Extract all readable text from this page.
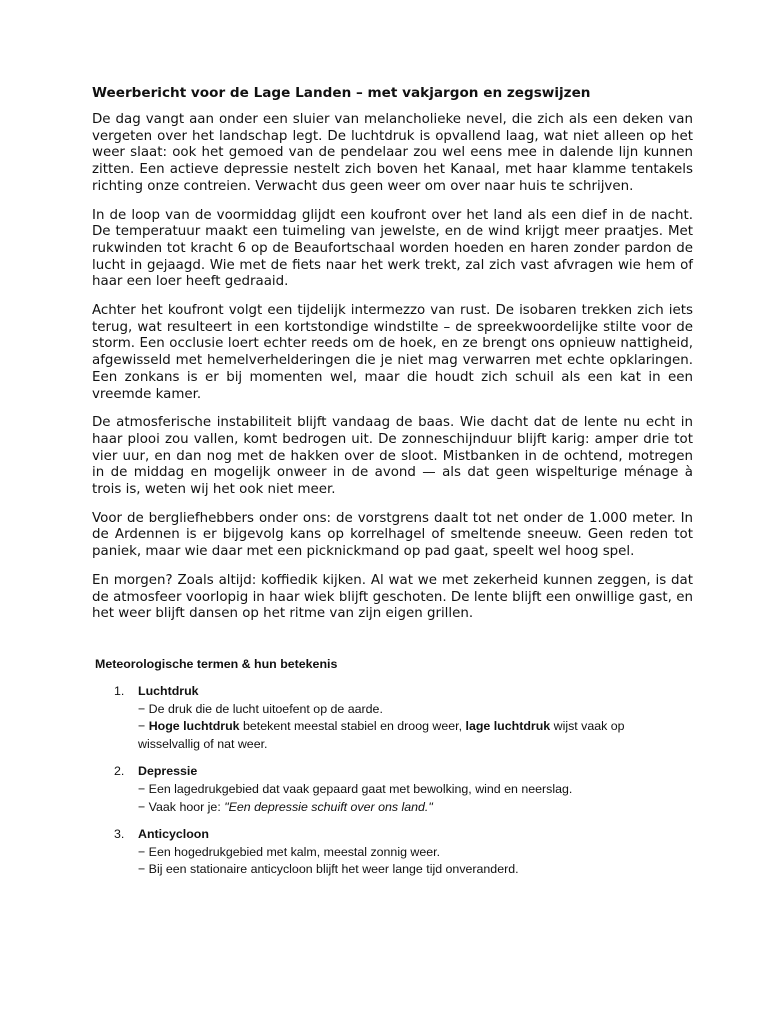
Weerbericht voor de Lage Landen – met vakjargon en zegswijzen

De dag vangt aan onder een sluier van melancholieke nevel, die zich als een deken van vergeten over het landschap legt. De luchtdruk is opvallend laag, wat niet alleen op het weer slaat: ook het gemoed van de pendelaar zou wel eens mee in dalende lijn kunnen zitten. Een actieve depressie nestelt zich boven het Kanaal, met haar klamme tentakels richting onze contreien. Verwacht dus geen weer om over naar huis te schrijven.

In de loop van de voormiddag glijdt een koufront over het land als een dief in de nacht. De temperatuur maakt een tuimeling van jewelste, en de wind krijgt meer praatjes. Met rukwinden tot kracht 6 op de Beaufortschaal worden hoeden en haren zonder pardon de lucht in gejaagd. Wie met de fiets naar het werk trekt, zal zich vast afvragen wie hem of haar een loer heeft gedraaid.

Achter het koufront volgt een tijdelijk intermezzo van rust. De isobaren trekken zich iets terug, wat resulteert in een kortstondige windstilte – de spreekwoordelijke stilte voor de storm. Een occlusie loert echter reeds om de hoek, en ze brengt ons opnieuw nattigheid, afgewisseld met hemelverhelderingen die je niet mag verwarren met echte opklaringen. Een zonkans is er bij momenten wel, maar die houdt zich schuil als een kat in een vreemde kamer.

De atmosferische instabiliteit blijft vandaag de baas. Wie dacht dat de lente nu echt in haar plooi zou vallen, komt bedrogen uit. De zonneschijnduur blijft karig: amper drie tot vier uur, en dan nog met de hakken over de sloot. Mistbanken in de ochtend, motregen in de middag en mogelijk onweer in de avond — als dat geen wispelturige ménage à trois is, weten wij het ook niet meer.

Voor de bergliefhebbers onder ons: de vorstgrens daalt tot net onder de 1.000 meter. In de Ardennen is er bijgevolg kans op korrelhagel of smeltende sneeuw. Geen reden tot paniek, maar wie daar met een picknickmand op pad gaat, speelt wel hoog spel.

En morgen? Zoals altijd: koffiedik kijken. Al wat we met zekerheid kunnen zeggen, is dat de atmosfeer voorlopig in haar wiek blijft geschoten. De lente blijft een onwillige gast, en het weer blijft dansen op het ritme van zijn eigen grillen.

Meteorologische termen & hun betekenis
1. Luchtdruk
− De druk die de lucht uitoefent op de aarde.
− Hoge luchtdruk betekent meestal stabiel en droog weer, lage luchtdruk wijst vaak op wisselvallig of nat weer.
2. Depressie
− Een lagedrukgebied dat vaak gepaard gaat met bewolking, wind en neerslag.
− Vaak hoor je: "Een depressie schuift over ons land."
3. Anticycloon
− Een hogedrukgebied met kalm, meestal zonnig weer.
− Bij een stationaire anticycloon blijft het weer lange tijd onveranderd.
